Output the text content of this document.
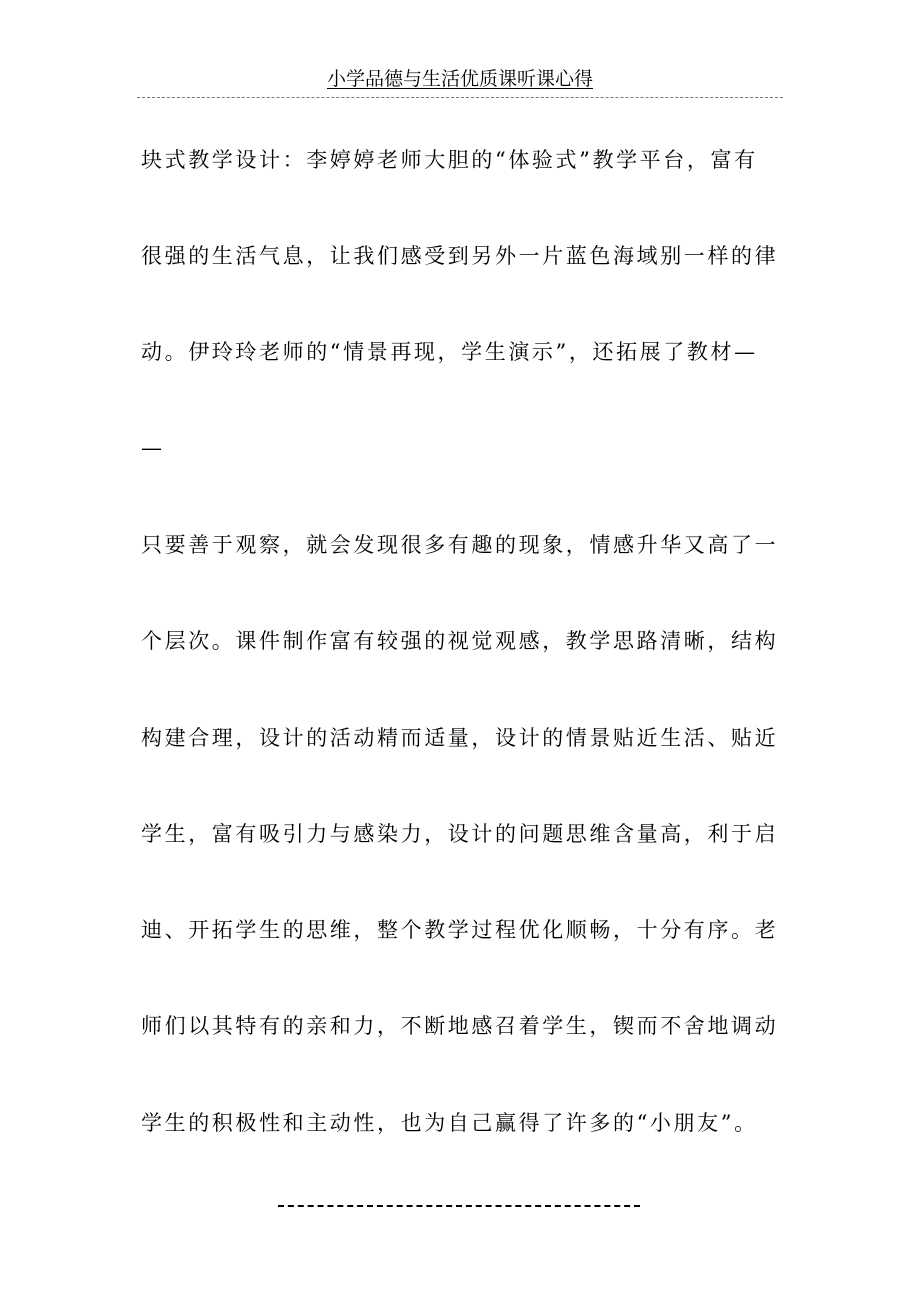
小学品德与生活优质课听课心得

块式教学设计：李婷婷老师大胆的“体验式”教学平台，富有

很强的生活气息，让我们感受到另外一片蓝色海域别一样的律

动。伊玲玲老师的“情景再现，学生演示”，还拓展了教材—

—

只要善于观察，就会发现很多有趣的现象，情感升华又高了一

个层次。课件制作富有较强的视觉观感，教学思路清晰，结构

构建合理，设计的活动精而适量，设计的情景贴近生活、贴近

学生，富有吸引力与感染力，设计的问题思维含量高，利于启

迪、开拓学生的思维，整个教学过程优化顺畅，十分有序。老

师们以其特有的亲和力，不断地感召着学生，锲而不舍地调动

学生的积极性和主动性，也为自己赢得了许多的“小朋友”。
